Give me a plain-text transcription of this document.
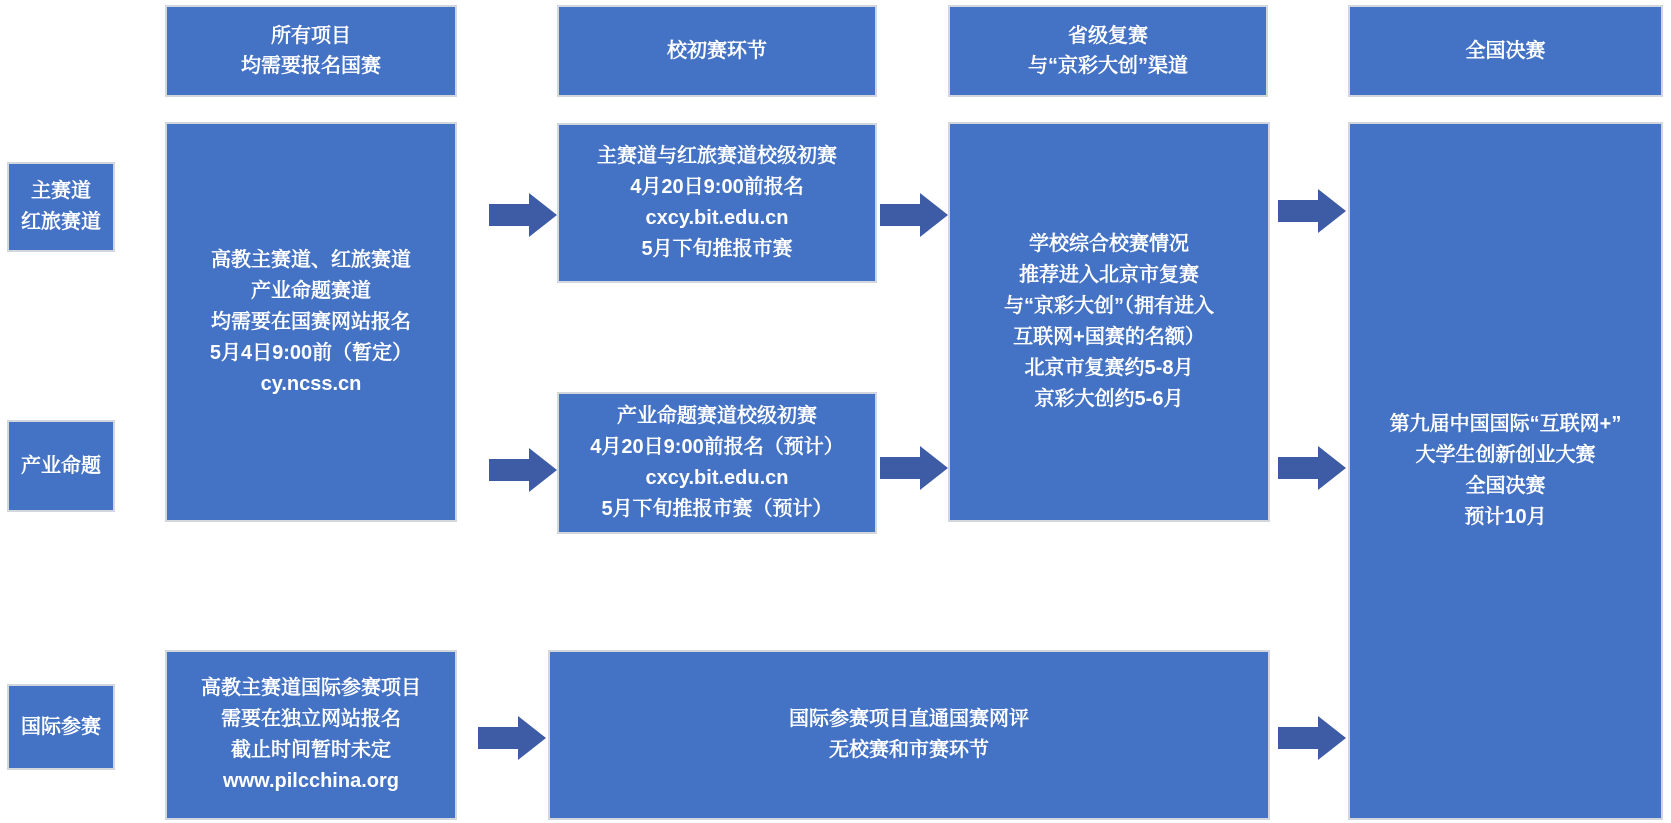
所有项目
均需要报名国赛
校初赛环节
省级复赛
与“京彩大创”渠道
全国决赛
主赛道
红旅赛道
产业命题
国际参赛
高教主赛道、红旅赛道
产业命题赛道
均需要在国赛网站报名
5月4日9:00前（暂定）
cy.ncss.cn
高教主赛道国际参赛项目
需要在独立网站报名
截止时间暂时未定
www.pilcchina.org
主赛道与红旅赛道校级初赛
4月20日9:00前报名
cxcy.bit.edu.cn
5月下旬推报市赛
产业命题赛道校级初赛
4月20日9:00前报名（预计）
cxcy.bit.edu.cn
5月下旬推报市赛（预计）
学校综合校赛情况
推荐进入北京市复赛
与“京彩大创”（拥有进入
互联网+国赛的名额）
北京市复赛约5-8月
京彩大创约5-6月
第九届中国国际“互联网+”
大学生创新创业大赛
全国决赛
预计10月
国际参赛项目直通国赛网评
无校赛和市赛环节
